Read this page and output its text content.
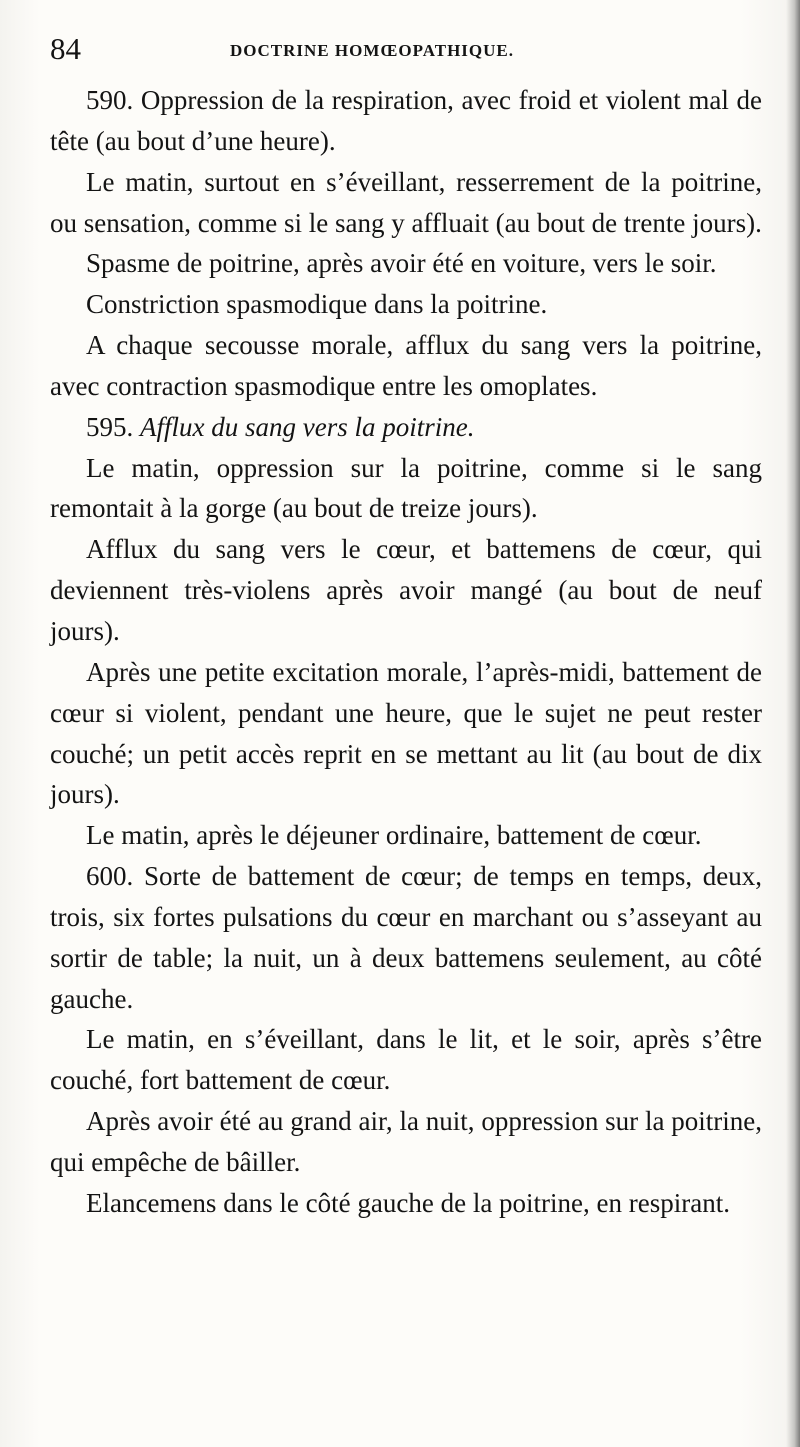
84	DOCTRINE HOMŒOPATHIQUE.

590. Oppression de la respiration, avec froid et violent mal de tête (au bout d’une heure).

Le matin, surtout en s’éveillant, resserrement de la poitrine, ou sensation, comme si le sang y affluait (au bout de trente jours).

Spasme de poitrine, après avoir été en voiture, vers le soir.

Constriction spasmodique dans la poitrine.

A chaque secousse morale, afflux du sang vers la poitrine, avec contraction spasmodique entre les omoplates.

595. Afflux du sang vers la poitrine.

Le matin, oppression sur la poitrine, comme si le sang remontait à la gorge (au bout de treize jours).

Afflux du sang vers le cœur, et battemens de cœur, qui deviennent très-violens après avoir mangé (au bout de neuf jours).

Après une petite excitation morale, l’après-midi, battement de cœur si violent, pendant une heure, que le sujet ne peut rester couché; un petit accès reprit en se mettant au lit (au bout de dix jours).

Le matin, après le déjeuner ordinaire, battement de cœur.

600. Sorte de battement de cœur; de temps en temps, deux, trois, six fortes pulsations du cœur en marchant ou s’asseyant au sortir de table; la nuit, un à deux battemens seulement, au côté gauche.

Le matin, en s’éveillant, dans le lit, et le soir, après s’être couché, fort battement de cœur.

Après avoir été au grand air, la nuit, oppression sur la poitrine, qui empêche de bâiller.

Elancemens dans le côté gauche de la poitrine, en respirant.
